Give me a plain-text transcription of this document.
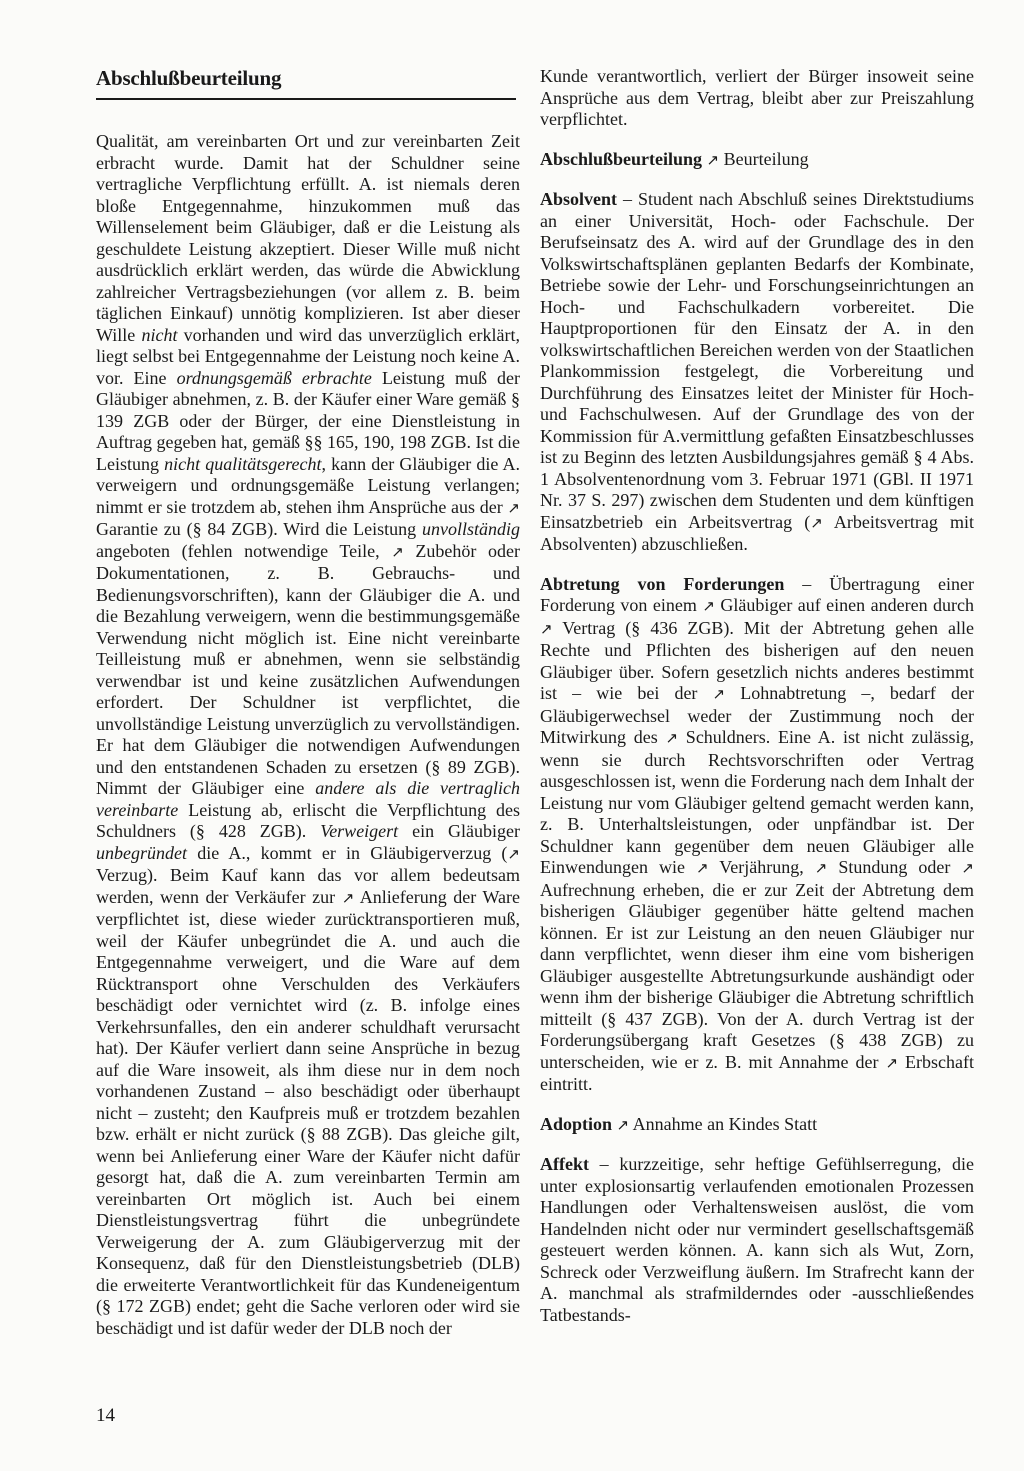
Abschlußbeurteilung

Qualität, am vereinbarten Ort und zur vereinbarten Zeit erbracht wurde. Damit hat der Schuldner seine vertragliche Verpflichtung erfüllt. A. ist niemals deren bloße Entgegennahme, hinzukommen muß das Willenselement beim Gläubiger, daß er die Leistung als geschuldete Leistung akzeptiert. Dieser Wille muß nicht ausdrücklich erklärt werden, das würde die Abwicklung zahlreicher Vertragsbeziehungen (vor allem z. B. beim täglichen Einkauf) unnötig komplizieren. Ist aber dieser Wille nicht vorhanden und wird das unverzüglich erklärt, liegt selbst bei Entgegennahme der Leistung noch keine A. vor. Eine ordnungsgemäß erbrachte Leistung muß der Gläubiger abnehmen, z. B. der Käufer einer Ware gemäß § 139 ZGB oder der Bürger, der eine Dienstleistung in Auftrag gegeben hat, gemäß §§ 165, 190, 198 ZGB. Ist die Leistung nicht qualitätsgerecht, kann der Gläubiger die A. verweigern und ordnungsgemäße Leistung verlangen; nimmt er sie trotzdem ab, stehen ihm Ansprüche aus der ↗ Garantie zu (§ 84 ZGB). Wird die Leistung unvollständig angeboten (fehlen notwendige Teile, ↗ Zubehör oder Dokumentationen, z. B. Gebrauchs- und Bedienungsvorschriften), kann der Gläubiger die A. und die Bezahlung verweigern, wenn die bestimmungsgemäße Verwendung nicht möglich ist. Eine nicht vereinbarte Teilleistung muß er abnehmen, wenn sie selbständig verwendbar ist und keine zusätzlichen Aufwendungen erfordert. Der Schuldner ist verpflichtet, die unvollständige Leistung unverzüglich zu vervollständigen. Er hat dem Gläubiger die notwendigen Aufwendungen und den entstandenen Schaden zu ersetzen (§ 89 ZGB). Nimmt der Gläubiger eine andere als die vertraglich vereinbarte Leistung ab, erlischt die Verpflichtung des Schuldners (§ 428 ZGB). Verweigert ein Gläubiger unbegründet die A., kommt er in Gläubigerverzug (↗ Verzug). Beim Kauf kann das vor allem bedeutsam werden, wenn der Verkäufer zur ↗ Anlieferung der Ware verpflichtet ist, diese wieder zurücktransportieren muß, weil der Käufer unbegründet die A. und auch die Entgegennahme verweigert, und die Ware auf dem Rücktransport ohne Verschulden des Verkäufers beschädigt oder vernichtet wird (z. B. infolge eines Verkehrsunfalles, den ein anderer schuldhaft verursacht hat). Der Käufer verliert dann seine Ansprüche in bezug auf die Ware insoweit, als ihm diese nur in dem noch vorhandenen Zustand – also beschädigt oder überhaupt nicht – zusteht; den Kaufpreis muß er trotzdem bezahlen bzw. erhält er nicht zurück (§ 88 ZGB). Das gleiche gilt, wenn bei Anlieferung einer Ware der Käufer nicht dafür gesorgt hat, daß die A. zum vereinbarten Termin am vereinbarten Ort möglich ist. Auch bei einem Dienstleistungsvertrag führt die unbegründete Verweigerung der A. zum Gläubigerverzug mit der Konsequenz, daß für den Dienstleistungsbetrieb (DLB) die erweiterte Verantwortlichkeit für das Kundeneigentum (§ 172 ZGB) endet; geht die Sache verloren oder wird sie beschädigt und ist dafür weder der DLB noch der

Kunde verantwortlich, verliert der Bürger insoweit seine Ansprüche aus dem Vertrag, bleibt aber zur Preiszahlung verpflichtet.

Abschlußbeurteilung ↗ Beurteilung

Absolvent – Student nach Abschluß seines Direktstudiums an einer Universität, Hoch- oder Fachschule. Der Berufseinsatz des A. wird auf der Grundlage des in den Volkswirtschaftsplänen geplanten Bedarfs der Kombinate, Betriebe sowie der Lehr- und Forschungseinrichtungen an Hoch- und Fachschulkadern vorbereitet. Die Hauptproportionen für den Einsatz der A. in den volkswirtschaftlichen Bereichen werden von der Staatlichen Plankommission festgelegt, die Vorbereitung und Durchführung des Einsatzes leitet der Minister für Hoch- und Fachschulwesen. Auf der Grundlage des von der Kommission für A.vermittlung gefaßten Einsatzbeschlusses ist zu Beginn des letzten Ausbildungsjahres gemäß § 4 Abs. 1 Absolventenordnung vom 3. Februar 1971 (GBl. II 1971 Nr. 37 S. 297) zwischen dem Studenten und dem künftigen Einsatzbetrieb ein Arbeitsvertrag (↗ Arbeitsvertrag mit Absolventen) abzuschließen.

Abtretung von Forderungen – Übertragung einer Forderung von einem ↗ Gläubiger auf einen anderen durch ↗ Vertrag (§ 436 ZGB). Mit der Abtretung gehen alle Rechte und Pflichten des bisherigen auf den neuen Gläubiger über. Sofern gesetzlich nichts anderes bestimmt ist – wie bei der ↗ Lohnabtretung –, bedarf der Gläubigerwechsel weder der Zustimmung noch der Mitwirkung des ↗ Schuldners. Eine A. ist nicht zulässig, wenn sie durch Rechtsvorschriften oder Vertrag ausgeschlossen ist, wenn die Forderung nach dem Inhalt der Leistung nur vom Gläubiger geltend gemacht werden kann, z. B. Unterhaltsleistungen, oder unpfändbar ist. Der Schuldner kann gegenüber dem neuen Gläubiger alle Einwendungen wie ↗ Verjährung, ↗ Stundung oder ↗ Aufrechnung erheben, die er zur Zeit der Abtretung dem bisherigen Gläubiger gegenüber hätte geltend machen können. Er ist zur Leistung an den neuen Gläubiger nur dann verpflichtet, wenn dieser ihm eine vom bisherigen Gläubiger ausgestellte Abtretungsurkunde aushändigt oder wenn ihm der bisherige Gläubiger die Abtretung schriftlich mitteilt (§ 437 ZGB). Von der A. durch Vertrag ist der Forderungsübergang kraft Gesetzes (§ 438 ZGB) zu unterscheiden, wie er z. B. mit Annahme der ↗ Erbschaft eintritt.

Adoption ↗ Annahme an Kindes Statt

Affekt – kurzzeitige, sehr heftige Gefühlserregung, die unter explosionsartig verlaufenden emotionalen Prozessen Handlungen oder Verhaltensweisen auslöst, die vom Handelnden nicht oder nur vermindert gesellschaftsgemäß gesteuert werden können. A. kann sich als Wut, Zorn, Schreck oder Verzweiflung äußern. Im Strafrecht kann der A. manchmal als strafmilderndes oder -ausschließendes Tatbestands-

14
